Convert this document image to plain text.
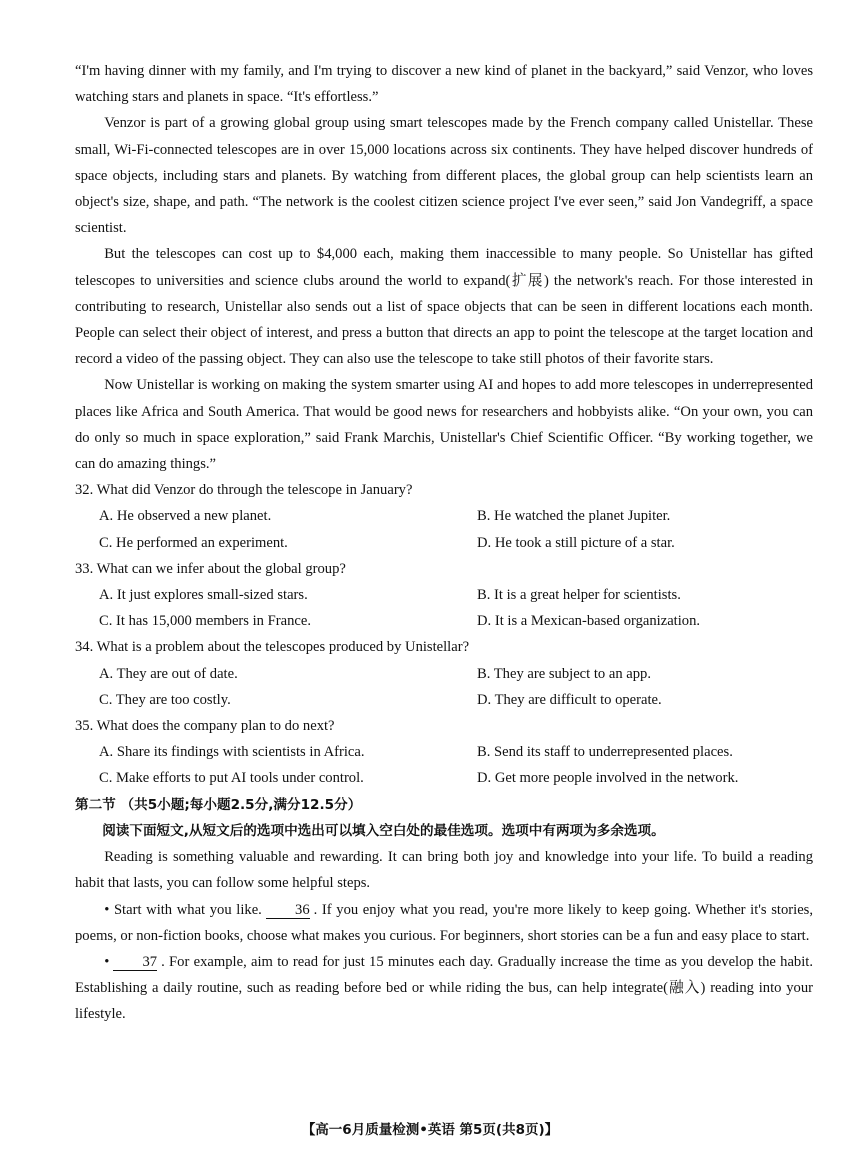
“I'm having dinner with my family, and I'm trying to discover a new kind of planet in the backyard,” said Venzor, who loves watching stars and planets in space. “It's effortless.”

Venzor is part of a growing global group using smart telescopes made by the French company called Unistellar. These small, Wi-Fi-connected telescopes are in over 15,000 locations across six continents. They have helped discover hundreds of space objects, including stars and planets. By watching from different places, the global group can help scientists learn an object's size, shape, and path. “The network is the coolest citizen science project I've ever seen,” said Jon Vandegriff, a space scientist.

But the telescopes can cost up to $4,000 each, making them inaccessible to many people. So Unistellar has gifted telescopes to universities and science clubs around the world to expand(扩展) the network's reach. For those interested in contributing to research, Unistellar also sends out a list of space objects that can be seen in different locations each month. People can select their object of interest, and press a button that directs an app to point the telescope at the target location and record a video of the passing object. They can also use the telescope to take still photos of their favorite stars.

Now Unistellar is working on making the system smarter using AI and hopes to add more telescopes in underrepresented places like Africa and South America. That would be good news for researchers and hobbyists alike. “On your own, you can do only so much in space exploration,” said Frank Marchis, Unistellar's Chief Scientific Officer. “By working together, we can do amazing things.”

32. What did Venzor do through the telescope in January?

A. He observed a new planet.	B. He watched the planet Jupiter.
C. He performed an experiment.	D. He took a still picture of a star.

33. What can we infer about the global group?

A. It just explores small-sized stars.	B. It is a great helper for scientists.
C. It has 15,000 members in France.	D. It is a Mexican-based organization.

34. What is a problem about the telescopes produced by Unistellar?

A. They are out of date.	B. They are subject to an app.
C. They are too costly.	D. They are difficult to operate.

35. What does the company plan to do next?

A. Share its findings with scientists in Africa.	B. Send its staff to underrepresented places.
C. Make efforts to put AI tools under control.	D. Get more people involved in the network.

第二节 （共5小题;每小题2.5分,满分12.5分）

阅读下面短文,从短文后的选项中选出可以填入空白处的最佳选项。选项中有两项为多余选项。

Reading is something valuable and rewarding. It can bring both joy and knowledge into your life. To build a reading habit that lasts, you can follow some helpful steps.

• Start with what you like. 36 . If you enjoy what you read, you're more likely to keep going. Whether it's stories, poems, or non-fiction books, choose what makes you curious. For beginners, short stories can be a fun and easy place to start.

• 37 . For example, aim to read for just 15 minutes each day. Gradually increase the time as you develop the habit. Establishing a daily routine, such as reading before bed or while riding the bus, can help integrate(融入) reading into your lifestyle.

【高一6月质量检测•英语 第5页(共8页)】
